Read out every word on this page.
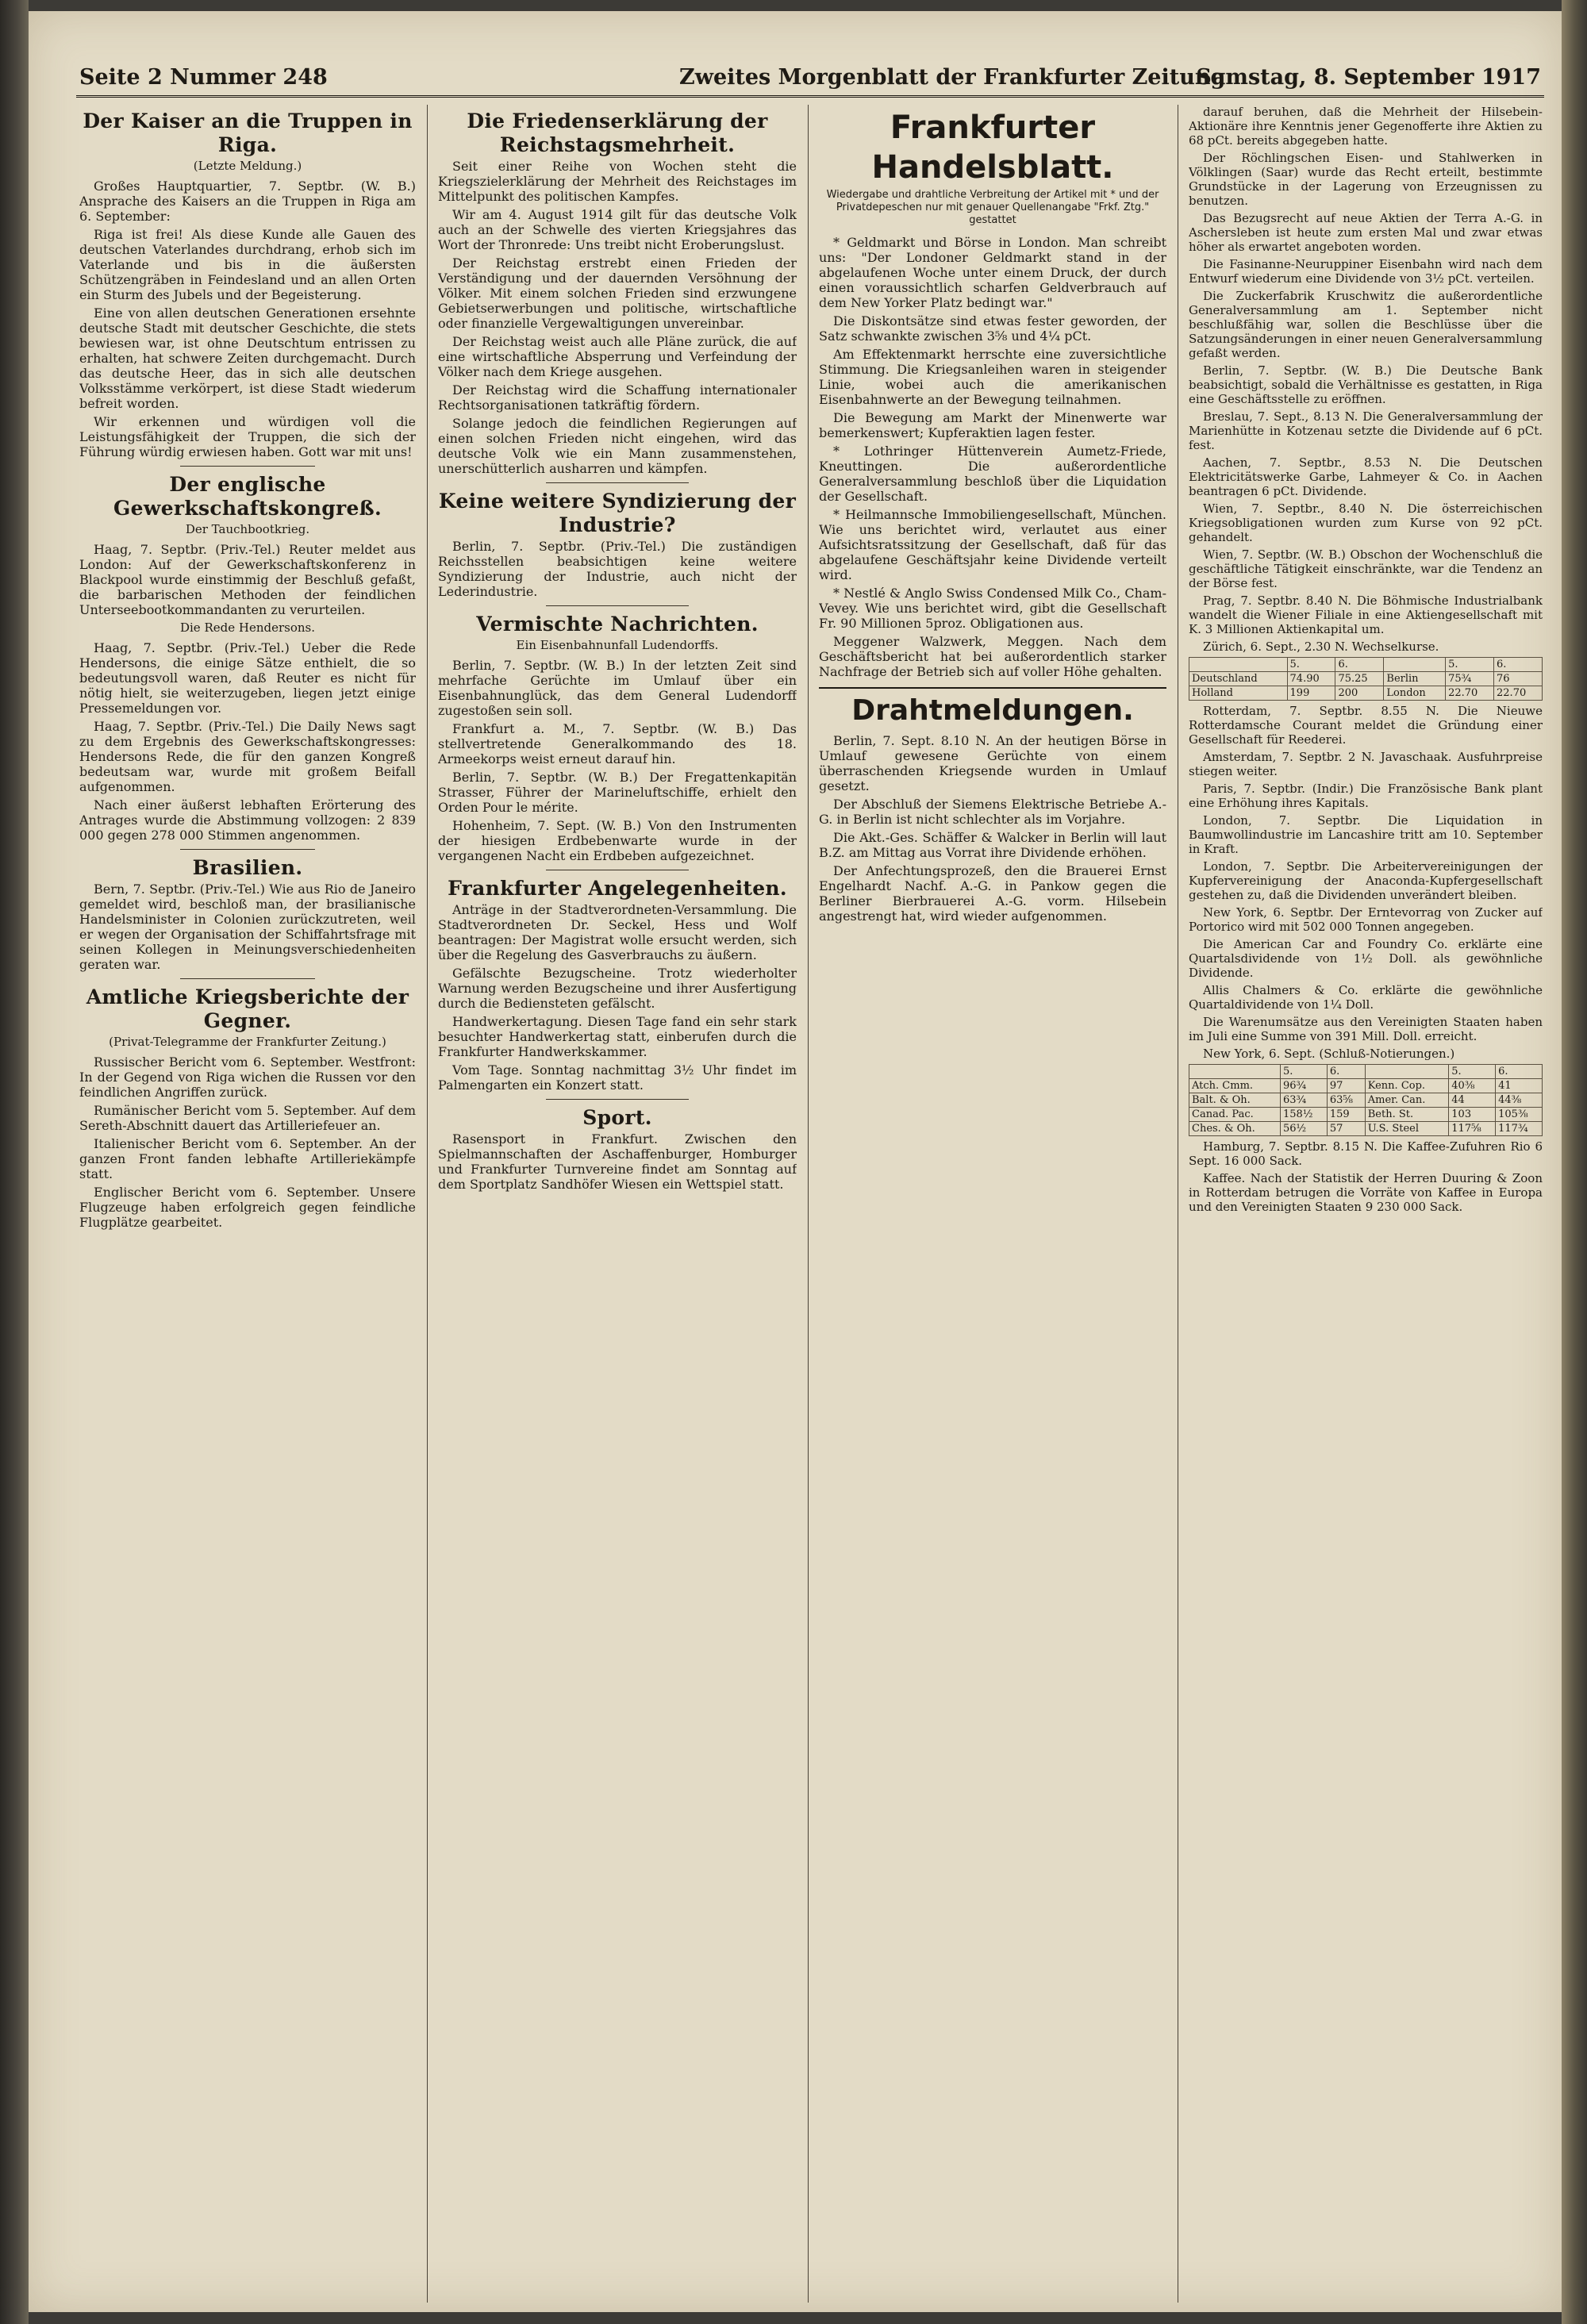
Seite 2 Nummer 248	Zweites Morgenblatt der Frankfurter Zeitung
Samstag, 8. September 1917
Der Kaiser an die Truppen in Riga.
(Letzte Meldung.)

Großes Hauptquartier, 7. Septbr. (W. B.) Ansprache des Kaisers an die Truppen in Riga am 6. September:

Riga ist frei! Als diese Kunde alle Gauen des deutschen Vaterlandes durchdrang, erhob sich im Vaterlande und bis in die äußersten Schützengräben in Feindesland und an allen Orten ein Sturm des Jubels und der Begeisterung.

Eine von allen deutschen Generationen ersehnte deutsche Stadt mit deutscher Geschichte, die stets bewiesen war, ist ohne Deutschtum entrissen zu erhalten, hat schwere Zeiten durchgemacht. Durch das deutsche Heer, das in sich alle deutschen Volksstämme verkörpert, ist diese Stadt wiederum befreit worden.

Wir erkennen und würdigen voll die Leistungsfähigkeit der Truppen, die sich der Führung würdig erwiesen haben. Gott war mit uns!

Der englische Gewerkschaftskongreß.
Der Tauchbootkrieg.

Haag, 7. Septbr. (Priv.-Tel.) Reuter meldet aus London: Auf der Gewerkschaftskonferenz in Blackpool wurde einstimmig der Beschluß gefaßt, die barbarischen Methoden der feindlichen Unterseebootkommandanten zu verurteilen.

Die Rede Hendersons.

Haag, 7. Septbr. (Priv.-Tel.) Ueber die Rede Hendersons, die einige Sätze enthielt, die so bedeutungsvoll waren, daß Reuter es nicht für nötig hielt, sie weiterzugeben, liegen jetzt einige Pressemeldungen vor.

Haag, 7. Septbr. (Priv.-Tel.) Die Daily News sagt zu dem Ergebnis des Gewerkschaftskongresses: Hendersons Rede, die für den ganzen Kongreß bedeutsam war, wurde mit großem Beifall aufgenommen.

Nach einer äußerst lebhaften Erörterung des Antrages wurde die Abstimmung vollzogen: 2 839 000 gegen 278 000 Stimmen angenommen.

Brasilien.

Bern, 7. Septbr. (Priv.-Tel.) Wie aus Rio de Janeiro gemeldet wird, beschloß man, der brasilianische Handelsminister in Colonien zurückzutreten, weil er wegen der Organisation der Schiffahrtsfrage mit seinen Kollegen in Meinungsverschiedenheiten geraten war.

Amtliche Kriegsberichte der Gegner.
(Privat-Telegramme der Frankfurter Zeitung.)

Russischer Bericht vom 6. September. Westfront: In der Gegend von Riga wichen die Russen vor den feindlichen Angriffen zurück.

Rumänischer Bericht vom 5. September. Auf dem Sereth-Abschnitt dauert das Artilleriefeuer an.

Italienischer Bericht vom 6. September. An der ganzen Front fanden lebhafte Artilleriekämpfe statt.

Englischer Bericht vom 6. September. Unsere Flugzeuge haben erfolgreich gegen feindliche Flugplätze gearbeitet.

Die Friedenserklärung der Reichstagsmehrheit.

Seit einer Reihe von Wochen steht die Kriegszielerklärung der Mehrheit des Reichstages im Mittelpunkt des politischen Kampfes.

Wir am 4. August 1914 gilt für das deutsche Volk auch an der Schwelle des vierten Kriegsjahres das Wort der Thronrede: Uns treibt nicht Eroberungslust.

Der Reichstag erstrebt einen Frieden der Verständigung und der dauernden Versöhnung der Völker. Mit einem solchen Frieden sind erzwungene Gebietserwerbungen und politische, wirtschaftliche oder finanzielle Vergewaltigungen unvereinbar.

Der Reichstag weist auch alle Pläne zurück, die auf eine wirtschaftliche Absperrung und Verfeindung der Völker nach dem Kriege ausgehen.

Der Reichstag wird die Schaffung internationaler Rechtsorganisationen tatkräftig fördern.

Solange jedoch die feindlichen Regierungen auf einen solchen Frieden nicht eingehen, wird das deutsche Volk wie ein Mann zusammenstehen, unerschütterlich ausharren und kämpfen.

Keine weitere Syndizierung der Industrie?

Berlin, 7. Septbr. (Priv.-Tel.) Die zuständigen Reichsstellen beabsichtigen keine weitere Syndizierung der Industrie, auch nicht der Lederindustrie.

Vermischte Nachrichten.
Ein Eisenbahnunfall Ludendorffs.

Berlin, 7. Septbr. (W. B.) In der letzten Zeit sind mehrfache Gerüchte im Umlauf über ein Eisenbahnunglück, das dem General Ludendorff zugestoßen sein soll.

Frankfurt a. M., 7. Septbr. (W. B.) Das stellvertretende Generalkommando des 18. Armeekorps weist erneut darauf hin.

Berlin, 7. Septbr. (W. B.) Der Fregattenkapitän Strasser, Führer der Marineluftschiffe, erhielt den Orden Pour le mérite.

Hohenheim, 7. Sept. (W. B.) Von den Instrumenten der hiesigen Erdbebenwarte wurde in der vergangenen Nacht ein Erdbeben aufgezeichnet.

Frankfurter Angelegenheiten.

Anträge in der Stadtverordneten-Versammlung. Die Stadtverordneten Dr. Seckel, Hess und Wolf beantragen: Der Magistrat wolle ersucht werden, sich über die Regelung des Gasverbrauchs zu äußern.

Gefälschte Bezugscheine. Trotz wiederholter Warnung werden Bezugscheine und ihrer Ausfertigung durch die Bediensteten gefälscht.

Handwerkertagung. Diesen Tage fand ein sehr stark besuchter Handwerkertag statt, einberufen durch die Frankfurter Handwerkskammer.

Vom Tage. Sonntag nachmittag 3½ Uhr findet im Palmengarten ein Konzert statt.

Sport.

Rasensport in Frankfurt. Zwischen den Spielmannschaften der Aschaffenburger, Homburger und Frankfurter Turnvereine findet am Sonntag auf dem Sportplatz Sandhöfer Wiesen ein Wettspiel statt.

Frankfurter Handelsblatt.
Wiedergabe und drahtliche Verbreitung der Artikel mit * und der Privatdepeschen nur mit genauer Quellenangabe "Frkf. Ztg." gestattet

* Geldmarkt und Börse in London. Man schreibt uns: "Der Londoner Geldmarkt stand in der abgelaufenen Woche unter einem Druck, der durch einen voraussichtlich scharfen Geldverbrauch auf dem New Yorker Platz bedingt war."

Die Diskontsätze sind etwas fester geworden, der Satz schwankte zwischen 3⅝ und 4¼ pCt.

Am Effektenmarkt herrschte eine zuversichtliche Stimmung. Die Kriegsanleihen waren in steigender Linie, wobei auch die amerikanischen Eisenbahnwerte an der Bewegung teilnahmen.

Die Bewegung am Markt der Minenwerte war bemerkenswert; Kupferaktien lagen fester.

* Lothringer Hüttenverein Aumetz-Friede, Kneuttingen. Die außerordentliche Generalversammlung beschloß über die Liquidation der Gesellschaft.

* Heilmannsche Immobiliengesellschaft, München. Wie uns berichtet wird, verlautet aus einer Aufsichtsratssitzung der Gesellschaft, daß für das abgelaufene Geschäftsjahr keine Dividende verteilt wird.

* Nestlé & Anglo Swiss Condensed Milk Co., Cham-Vevey. Wie uns berichtet wird, gibt die Gesellschaft Fr. 90 Millionen 5proz. Obligationen aus.

Meggener Walzwerk, Meggen. Nach dem Geschäftsbericht hat bei außerordentlich starker Nachfrage der Betrieb sich auf voller Höhe gehalten.

Drahtmeldungen.

Berlin, 7. Sept. 8.10 N. An der heutigen Börse in Umlauf gewesene Gerüchte von einem überraschenden Kriegsende wurden in Umlauf gesetzt.

Der Abschluß der Siemens Elektrische Betriebe A.-G. in Berlin ist nicht schlechter als im Vorjahre.

Die Akt.-Ges. Schäffer & Walcker in Berlin will laut B.Z. am Mittag aus Vorrat ihre Dividende erhöhen.

Der Anfechtungsprozeß, den die Brauerei Ernst Engelhardt Nachf. A.-G. in Pankow gegen die Berliner Bierbrauerei A.-G. vorm. Hilsebein angestrengt hat, wird wieder aufgenommen.

darauf beruhen, daß die Mehrheit der Hilsebein-Aktionäre ihre Kenntnis jener Gegenofferte ihre Aktien zu 68 pCt. bereits abgegeben hatte.

Der Röchlingschen Eisen- und Stahlwerken in Völklingen (Saar) wurde das Recht erteilt, bestimmte Grundstücke in der Lagerung von Erzeugnissen zu benutzen.

Das Bezugsrecht auf neue Aktien der Terra A.-G. in Aschersleben ist heute zum ersten Mal und zwar etwas höher als erwartet angeboten worden.

Die Fasinanne-Neuruppiner Eisenbahn wird nach dem Entwurf wiederum eine Dividende von 3½ pCt. verteilen.

Die Zuckerfabrik Kruschwitz die außerordentliche Generalversammlung am 1. September nicht beschlußfähig war, sollen die Beschlüsse über die Satzungsänderungen in einer neuen Generalversammlung gefaßt werden.

Berlin, 7. Septbr. (W. B.) Die Deutsche Bank beabsichtigt, sobald die Verhältnisse es gestatten, in Riga eine Geschäftsstelle zu eröffnen.

Breslau, 7. Sept., 8.13 N. Die Generalversammlung der Marienhütte in Kotzenau setzte die Dividende auf 6 pCt. fest.

Aachen, 7. Septbr., 8.53 N. Die Deutschen Elektricitätswerke Garbe, Lahmeyer & Co. in Aachen beantragen 6 pCt. Dividende.

Wien, 7. Septbr., 8.40 N. Die österreichischen Kriegsobligationen wurden zum Kurse von 92 pCt. gehandelt.

Wien, 7. Septbr. (W. B.) Obschon der Wochenschluß die geschäftliche Tätigkeit einschränkte, war die Tendenz an der Börse fest.

Prag, 7. Septbr. 8.40 N. Die Böhmische Industrialbank wandelt die Wiener Filiale in eine Aktiengesellschaft mit K. 3 Millionen Aktienkapital um.

Zürich, 6. Sept., 2.30 N. Wechselkurse.

	5.	6.		5.	6.
Deutschland	74.90	75.25	Berlin	75¾	76
Holland	199	200	London	22.70	22.70

Rotterdam, 7. Septbr. 8.55 N. Die Nieuwe Rotterdamsche Courant meldet die Gründung einer Gesellschaft für Reederei.

Amsterdam, 7. Septbr. 2 N. Javaschaak. Ausfuhrpreise stiegen weiter.

Paris, 7. Septbr. (Indir.) Die Französische Bank plant eine Erhöhung ihres Kapitals.

London, 7. Septbr. Die Liquidation in Baumwollindustrie im Lancashire tritt am 10. September in Kraft.

London, 7. Septbr. Die Arbeitervereinigungen der Kupfervereinigung der Anaconda-Kupfergesellschaft gestehen zu, daß die Dividenden unverändert bleiben.

New York, 6. Septbr. Der Erntevorrag von Zucker auf Portorico wird mit 502 000 Tonnen angegeben.

Die American Car and Foundry Co. erklärte eine Quartalsdividende von 1½ Doll. als gewöhnliche Dividende.

Allis Chalmers & Co. erklärte die gewöhnliche Quartaldividende von 1¼ Doll.

Die Warenumsätze aus den Vereinigten Staaten haben im Juli eine Summe von 391 Mill. Doll. erreicht.

New York, 6. Sept. (Schluß-Notierungen.)

	5.	6.		5.	6.
Atch. Cmm.	96¾	97	Kenn. Cop.	40⅜	41
Balt. & Oh.	63¾	63⅝	Amer. Can.	44	44⅜
Canad. Pac.	158½	159	Beth. St.	103	105⅜
Ches. & Oh.	56½	57	U.S. Steel	117⅝	117¾

Hamburg, 7. Septbr. 8.15 N. Die Kaffee-Zufuhren Rio 6 Sept. 16 000 Sack.

Kaffee. Nach der Statistik der Herren Duuring & Zoon in Rotterdam betrugen die Vorräte von Kaffee in Europa und den Vereinigten Staaten 9 230 000 Sack.
